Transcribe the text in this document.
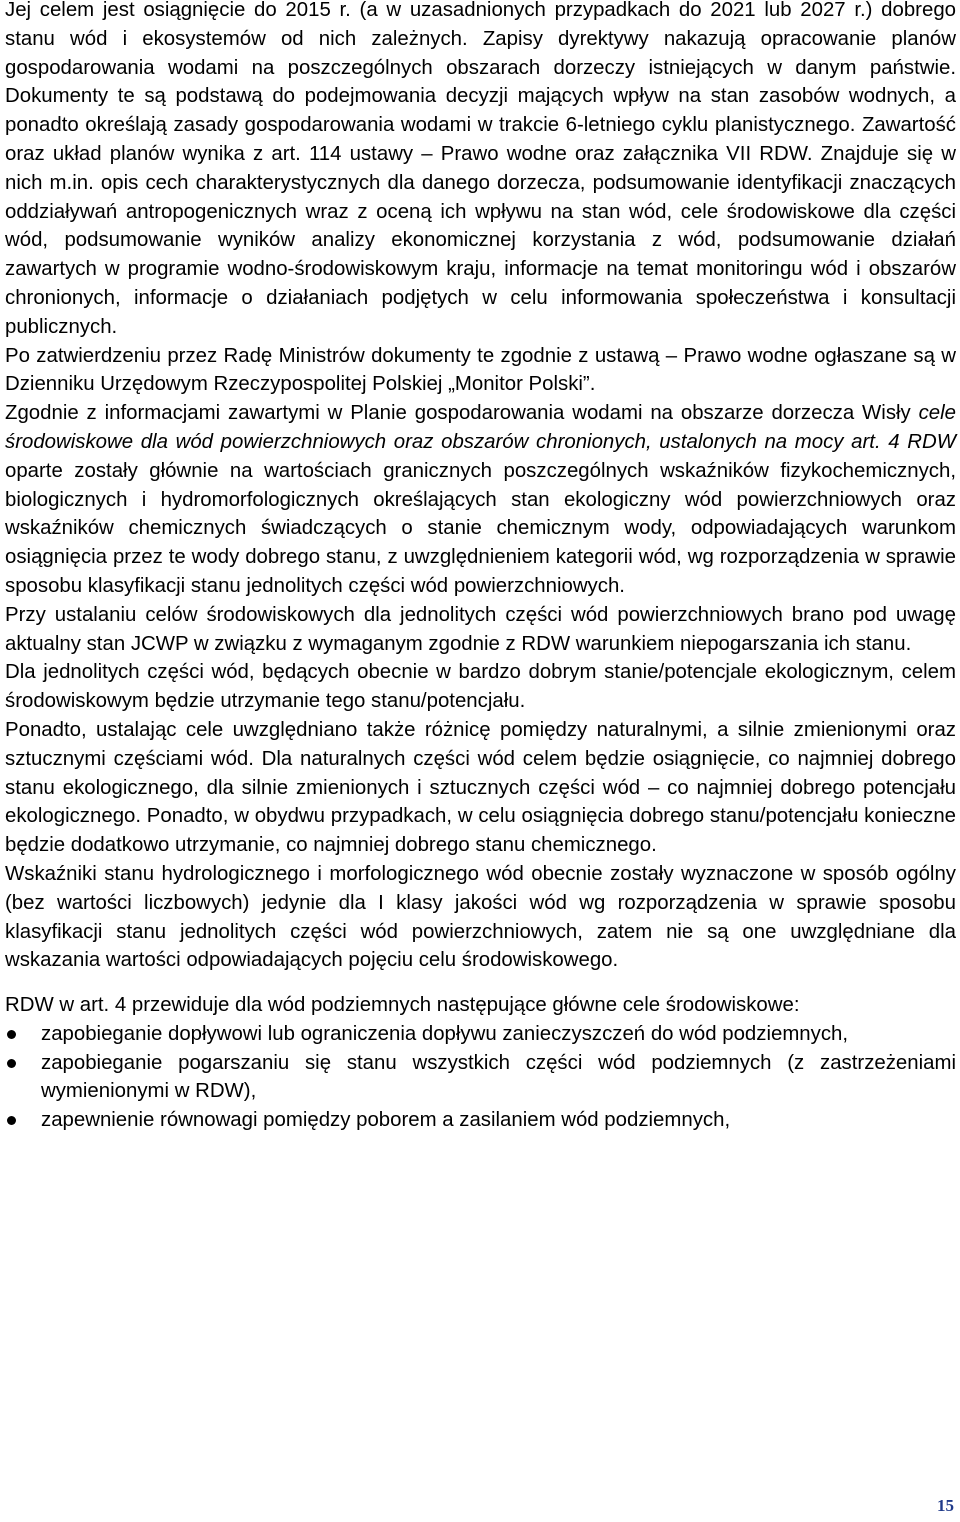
Jej celem jest osiągnięcie do 2015 r. (a w uzasadnionych przypadkach do 2021 lub 2027 r.) dobrego stanu wód i ekosystemów od nich zależnych. Zapisy dyrektywy nakazują opracowanie planów gospodarowania wodami na poszczególnych obszarach dorzeczy istniejących w danym państwie. Dokumenty te są podstawą do podejmowania decyzji mających wpływ na stan zasobów wodnych, a ponadto określają zasady gospodarowania wodami w trakcie 6-letniego cyklu planistycznego. Zawartość oraz układ planów wynika z art. 114 ustawy – Prawo wodne oraz załącznika VII RDW. Znajduje się w nich m.in. opis cech charakterystycznych dla danego dorzecza, podsumowanie identyfikacji znaczących oddziaływań antropogenicznych wraz z oceną ich wpływu na stan wód, cele środowiskowe dla części wód, podsumowanie wyników analizy ekonomicznej korzystania z wód, podsumowanie działań zawartych w programie wodno-środowiskowym kraju, informacje na temat monitoringu wód i obszarów chronionych, informacje o działaniach podjętych w celu informowania społeczeństwa i konsultacji publicznych.

Po zatwierdzeniu przez Radę Ministrów dokumenty te zgodnie z ustawą – Prawo wodne ogłaszane są w Dzienniku Urzędowym Rzeczypospolitej Polskiej „Monitor Polski”.

Zgodnie z informacjami zawartymi w Planie gospodarowania wodami na obszarze dorzecza Wisły cele środowiskowe dla wód powierzchniowych oraz obszarów chronionych, ustalonych na mocy art. 4 RDW oparte zostały głównie na wartościach granicznych poszczególnych wskaźników fizykochemicznych, biologicznych i hydromorfologicznych określających stan ekologiczny wód powierzchniowych oraz wskaźników chemicznych świadczących o stanie chemicznym wody, odpowiadających warunkom osiągnięcia przez te wody dobrego stanu, z uwzględnieniem kategorii wód, wg rozporządzenia w sprawie sposobu klasyfikacji stanu jednolitych części wód powierzchniowych.

Przy ustalaniu celów środowiskowych dla jednolitych części wód powierzchniowych brano pod uwagę aktualny stan JCWP w związku z wymaganym zgodnie z RDW warunkiem niepogarszania ich stanu.

Dla jednolitych części wód, będących obecnie w bardzo dobrym stanie/potencjale ekologicznym, celem środowiskowym będzie utrzymanie tego stanu/potencjału.

Ponadto, ustalając cele uwzględniano także różnicę pomiędzy naturalnymi, a silnie zmienionymi oraz sztucznymi częściami wód. Dla naturalnych części wód celem będzie osiągnięcie, co najmniej dobrego stanu ekologicznego, dla silnie zmienionych i sztucznych części wód – co najmniej dobrego potencjału ekologicznego. Ponadto, w obydwu przypadkach, w celu osiągnięcia dobrego stanu/potencjału konieczne będzie dodatkowo utrzymanie, co najmniej dobrego stanu chemicznego.

Wskaźniki stanu hydrologicznego i morfologicznego wód obecnie zostały wyznaczone w sposób ogólny (bez wartości liczbowych) jedynie dla I klasy jakości wód wg rozporządzenia w sprawie sposobu klasyfikacji stanu jednolitych części wód powierzchniowych, zatem nie są one uwzględniane dla wskazania wartości odpowiadających pojęciu celu środowiskowego.

RDW w art. 4 przewiduje dla wód podziemnych następujące główne cele środowiskowe:

zapobieganie dopływowi lub ograniczenia dopływu zanieczyszczeń do wód podziemnych,
zapobieganie pogarszaniu się stanu wszystkich części wód podziemnych (z zastrzeżeniami wymienionymi w RDW),
zapewnienie równowagi pomiędzy poborem a zasilaniem wód podziemnych,
15
